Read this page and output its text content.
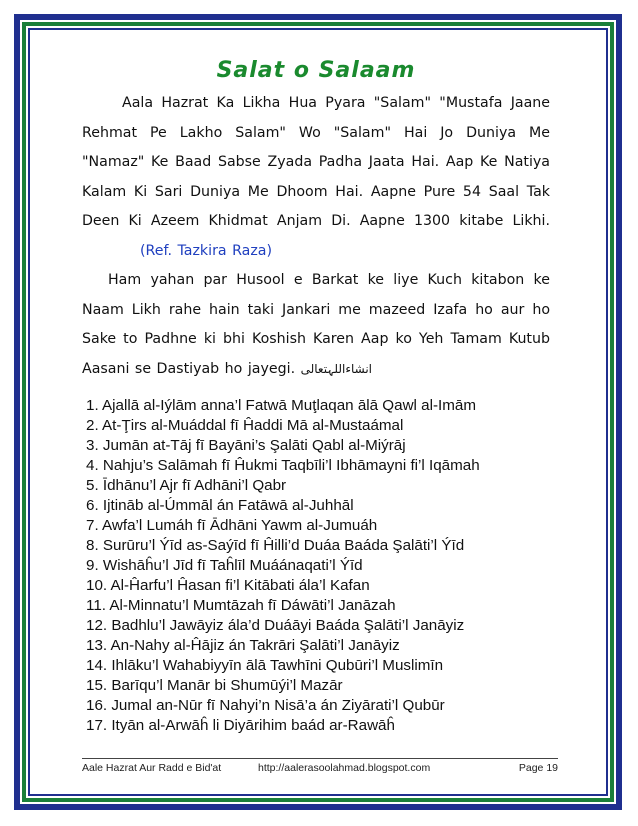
Salat o Salaam

Aala Hazrat Ka Likha Hua Pyara "Salam" "Mustafa Jaane Rehmat Pe Lakho Salam" Wo "Salam" Hai Jo Duniya Me "Namaz" Ke Baad Sabse Zyada Padha Jaata Hai. Aap Ke Natiya Kalam Ki Sari Duniya Me Dhoom Hai. Aapne Pure 54 Saal Tak Deen Ki Azeem Khidmat Anjam Di. Aapne 1300 kitabe Likhi. (Ref. Tazkira Raza)

Ham yahan par Husool e Barkat ke liye Kuch kitabon ke Naam Likh rahe hain taki Jankari me mazeed Izafa ho aur ho Sake to Padhne ki bhi Koshish Karen Aap ko Yeh Tamam Kutub Aasani se Dastiyab ho jayegi. انشاءاللہتعالی

1. Ajallā al-Iýlām anna’l Fatwā Muţlaqan ālā Qawl al-Imām
2. At-Ţirs al-Muáddal fī Ĥaddi Mā al-Mustaámal
3. Jumān at-Tāj fī Bayāni’s Şalāti Qabl al-Miýrāj
4. Nahju’s Salāmah fī Ĥukmi Taqbīli’l Ibhāmayni fi’l Iqāmah
5. Īdhānu’l Ajr fī Adhāni’l Qabr
6. Ijtināb al-Úmmāl án Fatāwā al-Juhhāl
7. Awfa’l Lumáh fī Ādhāni Yawm al-Jumuáh
8. Surūru’l Ýīd as-Saýīd fī Ĥilli’d Duáa Baáda Şalāti’l Ýīd
9. Wishāĥu’l Jīd fī Taĥlīl Muáánaqati’l Ýīd
10. Al-Ĥarfu’l Ĥasan fi’l Kitābati ála’l Kafan
11. Al-Minnatu’l Mumtāzah fī Dáwāti’l Janāzah
12. Badhlu’l Jawāyiz ála’d Duáāyi Baáda Şalāti’l Janāyiz
13. An-Nahy al-Ĥājiz án Takrāri Şalāti’l Janāyiz
14. Ihlāku’l Wahabiyyīn ālā Tawhīni Qubūri’l Muslimīn
15. Barīqu’l Manār bi Shumūýi’l Mazār
16. Jumal an-Nūr fī Nahyi’n Nisā’a án Ziyārati’l Qubūr
17. Ityān al-Arwāĥ li Diyārihim baád ar-Rawāĥ
Aale Hazrat Aur Radd e Bid'at	http://aalerasoolahmad.blogspot.com	Page 19
